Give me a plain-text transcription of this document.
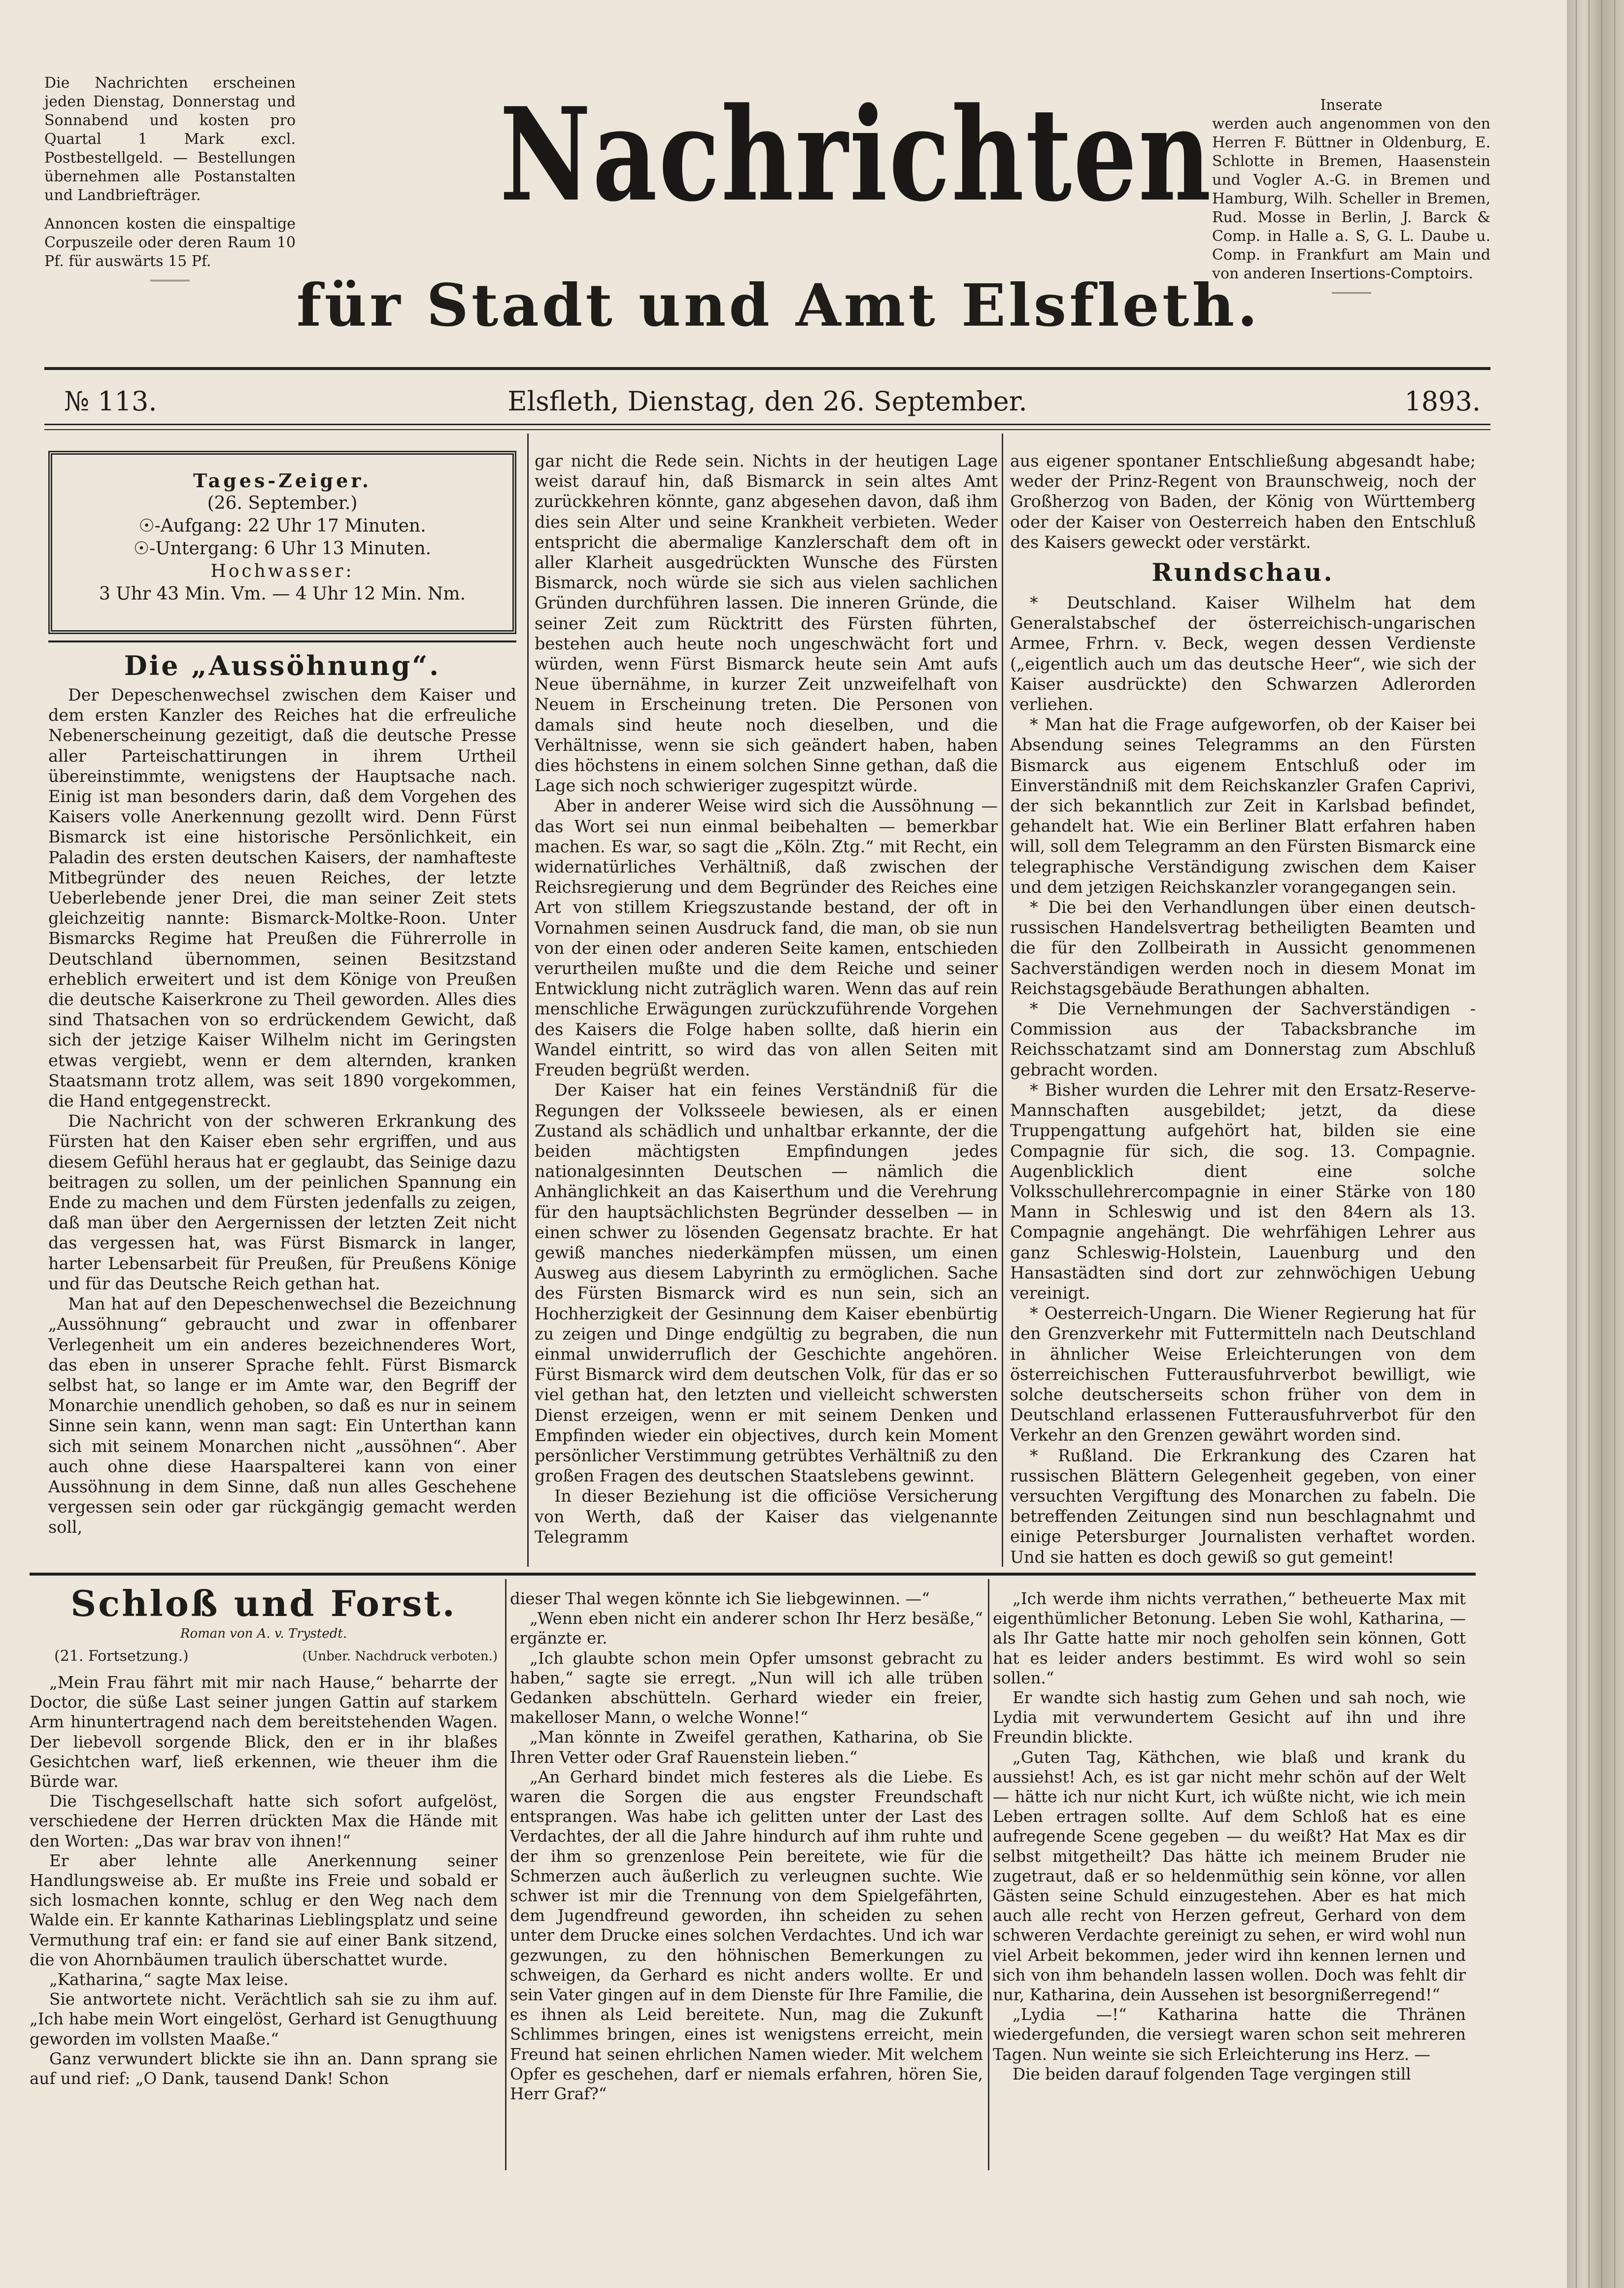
Die Nachrichten erscheinen jeden Dienstag, Donnerstag und Sonnabend und kosten pro Quartal 1 Mark excl. Postbestellgeld. — Bestellungen übernehmen alle Postanstalten und Landbriefträger.
Annoncen kosten die einspaltige Corpuszeile oder deren Raum 10 Pf. für auswärts 15 Pf.
Nachrichten
für Stadt und Amt Elsfleth.
Inserate
werden auch angenommen von den Herren F. Büttner in Oldenburg, E. Schlotte in Bremen, Haasenstein und Vogler A.-G. in Bremen und Hamburg, Wilh. Scheller in Bremen, Rud. Mosse in Berlin, J. Barck & Comp. in Halle a. S, G. L. Daube u. Comp. in Frankfurt am Main und von anderen Insertions-Comptoirs.
№ 113.	Elsfleth, Dienstag, den 26. September.	1893.
Tages-Zeiger.
(26. September.)
☉-Aufgang: 22 Uhr 17 Minuten.
☉-Untergang: 6 Uhr 13 Minuten.
Hochwasser:
3 Uhr 43 Min. Vm. — 4 Uhr 12 Min. Nm.
Die „Aussöhnung“.

Der Depeschenwechsel zwischen dem Kaiser und dem ersten Kanzler des Reiches hat die erfreuliche Nebenerscheinung gezeitigt, daß die deutsche Presse aller Parteischattirungen in ihrem Urtheil übereinstimmte, wenigstens der Hauptsache nach. Einig ist man besonders darin, daß dem Vorgehen des Kaisers volle Anerkennung gezollt wird. Denn Fürst Bismarck ist eine historische Persönlichkeit, ein Paladin des ersten deutschen Kaisers, der namhafteste Mitbegründer des neuen Reiches, der letzte Ueberlebende jener Drei, die man seiner Zeit stets gleichzeitig nannte: Bismarck-Moltke-Roon. Unter Bismarcks Regime hat Preußen die Führerrolle in Deutschland übernommen, seinen Besitzstand erheblich erweitert und ist dem Könige von Preußen die deutsche Kaiserkrone zu Theil geworden. Alles dies sind Thatsachen von so erdrückendem Gewicht, daß sich der jetzige Kaiser Wilhelm nicht im Geringsten etwas vergiebt, wenn er dem alternden, kranken Staatsmann trotz allem, was seit 1890 vorgekommen, die Hand entgegenstreckt.

Die Nachricht von der schweren Erkrankung des Fürsten hat den Kaiser eben sehr ergriffen, und aus diesem Gefühl heraus hat er geglaubt, das Seinige dazu beitragen zu sollen, um der peinlichen Spannung ein Ende zu machen und dem Fürsten jedenfalls zu zeigen, daß man über den Aergernissen der letzten Zeit nicht das vergessen hat, was Fürst Bismarck in langer, harter Lebensarbeit für Preußen, für Preußens Könige und für das Deutsche Reich gethan hat.

Man hat auf den Depeschenwechsel die Bezeichnung „Aussöhnung“ gebraucht und zwar in offenbarer Verlegenheit um ein anderes bezeichnenderes Wort, das eben in unserer Sprache fehlt. Fürst Bismarck selbst hat, so lange er im Amte war, den Begriff der Monarchie unendlich gehoben, so daß es nur in seinem Sinne sein kann, wenn man sagt: Ein Unterthan kann sich mit seinem Monarchen nicht „aussöhnen“. Aber auch ohne diese Haarspalterei kann von einer Aussöhnung in dem Sinne, daß nun alles Geschehene vergessen sein oder gar rückgängig gemacht werden soll,

gar nicht die Rede sein. Nichts in der heutigen Lage weist darauf hin, daß Bismarck in sein altes Amt zurückkehren könnte, ganz abgesehen davon, daß ihm dies sein Alter und seine Krankheit verbieten. Weder entspricht die abermalige Kanzlerschaft dem oft in aller Klarheit ausgedrückten Wunsche des Fürsten Bismarck, noch würde sie sich aus vielen sachlichen Gründen durchführen lassen. Die inneren Gründe, die seiner Zeit zum Rücktritt des Fürsten führten, bestehen auch heute noch ungeschwächt fort und würden, wenn Fürst Bismarck heute sein Amt aufs Neue übernähme, in kurzer Zeit unzweifelhaft von Neuem in Erscheinung treten. Die Personen von damals sind heute noch dieselben, und die Verhältnisse, wenn sie sich geändert haben, haben dies höchstens in einem solchen Sinne gethan, daß die Lage sich noch schwieriger zugespitzt würde.

Aber in anderer Weise wird sich die Aussöhnung — das Wort sei nun einmal beibehalten — bemerkbar machen. Es war, so sagt die „Köln. Ztg.“ mit Recht, ein widernatürliches Verhältniß, daß zwischen der Reichsregierung und dem Begründer des Reiches eine Art von stillem Kriegszustande bestand, der oft in Vornahmen seinen Ausdruck fand, die man, ob sie nun von der einen oder anderen Seite kamen, entschieden verurtheilen mußte und die dem Reiche und seiner Entwicklung nicht zuträglich waren. Wenn das auf rein menschliche Erwägungen zurückzuführende Vorgehen des Kaisers die Folge haben sollte, daß hierin ein Wandel eintritt, so wird das von allen Seiten mit Freuden begrüßt werden.

Der Kaiser hat ein feines Verständniß für die Regungen der Volksseele bewiesen, als er einen Zustand als schädlich und unhaltbar erkannte, der die beiden mächtigsten Empfindungen jedes nationalgesinnten Deutschen — nämlich die Anhänglichkeit an das Kaiserthum und die Verehrung für den hauptsächlichsten Begründer desselben — in einen schwer zu lösenden Gegensatz brachte. Er hat gewiß manches niederkämpfen müssen, um einen Ausweg aus diesem Labyrinth zu ermöglichen. Sache des Fürsten Bismarck wird es nun sein, sich an Hochherzigkeit der Gesinnung dem Kaiser ebenbürtig zu zeigen und Dinge endgültig zu begraben, die nun einmal unwiderruflich der Geschichte angehören. Fürst Bismarck wird dem deutschen Volk, für das er so viel gethan hat, den letzten und vielleicht schwersten Dienst erzeigen, wenn er mit seinem Denken und Empfinden wieder ein objectives, durch kein Moment persönlicher Verstimmung getrübtes Verhältniß zu den großen Fragen des deutschen Staatslebens gewinnt.

In dieser Beziehung ist die officiöse Versicherung von Werth, daß der Kaiser das vielgenannte Telegramm

aus eigener spontaner Entschließung abgesandt habe; weder der Prinz-Regent von Braunschweig, noch der Großherzog von Baden, der König von Württemberg oder der Kaiser von Oesterreich haben den Entschluß des Kaisers geweckt oder verstärkt.

Rundschau.

* Deutschland. Kaiser Wilhelm hat dem Generalstabschef der österreichisch-ungarischen Armee, Frhrn. v. Beck, wegen dessen Verdienste („eigentlich auch um das deutsche Heer“, wie sich der Kaiser ausdrückte) den Schwarzen Adlerorden verliehen.

* Man hat die Frage aufgeworfen, ob der Kaiser bei Absendung seines Telegramms an den Fürsten Bismarck aus eigenem Entschluß oder im Einverständniß mit dem Reichskanzler Grafen Caprivi, der sich bekanntlich zur Zeit in Karlsbad befindet, gehandelt hat. Wie ein Berliner Blatt erfahren haben will, soll dem Telegramm an den Fürsten Bismarck eine telegraphische Verständigung zwischen dem Kaiser und dem jetzigen Reichskanzler vorangegangen sein.

* Die bei den Verhandlungen über einen deutsch-russischen Handelsvertrag betheiligten Beamten und die für den Zollbeirath in Aussicht genommenen Sachverständigen werden noch in diesem Monat im Reichstagsgebäude Berathungen abhalten.

* Die Vernehmungen der Sachverständigen - Commission aus der Tabacksbranche im Reichsschatzamt sind am Donnerstag zum Abschluß gebracht worden.

* Bisher wurden die Lehrer mit den Ersatz-Reserve-Mannschaften ausgebildet; jetzt, da diese Truppengattung aufgehört hat, bilden sie eine Compagnie für sich, die sog. 13. Compagnie. Augenblicklich dient eine solche Volksschullehrercompagnie in einer Stärke von 180 Mann in Schleswig und ist den 84ern als 13. Compagnie angehängt. Die wehrfähigen Lehrer aus ganz Schleswig-Holstein, Lauenburg und den Hansastädten sind dort zur zehnwöchigen Uebung vereinigt.

* Oesterreich-Ungarn. Die Wiener Regierung hat für den Grenzverkehr mit Futtermitteln nach Deutschland in ähnlicher Weise Erleichterungen von dem österreichischen Futterausfuhrverbot bewilligt, wie solche deutscherseits schon früher von dem in Deutschland erlassenen Futterausfuhrverbot für den Verkehr an den Grenzen gewährt worden sind.

* Rußland. Die Erkrankung des Czaren hat russischen Blättern Gelegenheit gegeben, von einer versuchten Vergiftung des Monarchen zu fabeln. Die betreffenden Zeitungen sind nun beschlagnahmt und einige Petersburger Journalisten verhaftet worden. Und sie hatten es doch gewiß so gut gemeint!

Schloß und Forst.
Roman von A. v. Trystedt.
(21. Fortsetzung.)	(Unber. Nachdruck verboten.)

„Mein Frau fährt mit mir nach Hause,“ beharrte der Doctor, die süße Last seiner jungen Gattin auf starkem Arm hinuntertragend nach dem bereitstehenden Wagen. Der liebevoll sorgende Blick, den er in ihr blaßes Gesichtchen warf, ließ erkennen, wie theuer ihm die Bürde war.

Die Tischgesellschaft hatte sich sofort aufgelöst, verschiedene der Herren drückten Max die Hände mit den Worten: „Das war brav von ihnen!“

Er aber lehnte alle Anerkennung seiner Handlungsweise ab. Er mußte ins Freie und sobald er sich losmachen konnte, schlug er den Weg nach dem Walde ein. Er kannte Katharinas Lieblingsplatz und seine Vermuthung traf ein: er fand sie auf einer Bank sitzend, die von Ahornbäumen traulich überschattet wurde.

„Katharina,“ sagte Max leise.

Sie antwortete nicht. Verächtlich sah sie zu ihm auf. „Ich habe mein Wort eingelöst, Gerhard ist Genugthuung geworden im vollsten Maaße.“

Ganz verwundert blickte sie ihn an. Dann sprang sie auf und rief: „O Dank, tausend Dank! Schon

dieser Thal wegen könnte ich Sie liebgewinnen. —“

„Wenn eben nicht ein anderer schon Ihr Herz besäße,“ ergänzte er.

„Ich glaubte schon mein Opfer umsonst gebracht zu haben,“ sagte sie erregt. „Nun will ich alle trüben Gedanken abschütteln. Gerhard wieder ein freier, makelloser Mann, o welche Wonne!“

„Man könnte in Zweifel gerathen, Katharina, ob Sie Ihren Vetter oder Graf Rauenstein lieben.“

„An Gerhard bindet mich festeres als die Liebe. Es waren die Sorgen die aus engster Freundschaft entsprangen. Was habe ich gelitten unter der Last des Verdachtes, der all die Jahre hindurch auf ihm ruhte und der ihm so grenzenlose Pein bereitete, wie für die Schmerzen auch äußerlich zu verleugnen suchte. Wie schwer ist mir die Trennung von dem Spielgefährten, dem Jugendfreund geworden, ihn scheiden zu sehen unter dem Drucke eines solchen Verdachtes. Und ich war gezwungen, zu den höhnischen Bemerkungen zu schweigen, da Gerhard es nicht anders wollte. Er und sein Vater gingen auf in dem Dienste für Ihre Familie, die es ihnen als Leid bereitete. Nun, mag die Zukunft Schlimmes bringen, eines ist wenigstens erreicht, mein Freund hat seinen ehrlichen Namen wieder. Mit welchem Opfer es geschehen, darf er niemals erfahren, hören Sie, Herr Graf?“

„Ich werde ihm nichts verrathen,“ betheuerte Max mit eigenthümlicher Betonung. Leben Sie wohl, Katharina, — als Ihr Gatte hatte mir noch geholfen sein können, Gott hat es leider anders bestimmt. Es wird wohl so sein sollen.“

Er wandte sich hastig zum Gehen und sah noch, wie Lydia mit verwundertem Gesicht auf ihn und ihre Freundin blickte.

„Guten Tag, Käthchen, wie blaß und krank du aussiehst! Ach, es ist gar nicht mehr schön auf der Welt — hätte ich nur nicht Kurt, ich wüßte nicht, wie ich mein Leben ertragen sollte. Auf dem Schloß hat es eine aufregende Scene gegeben — du weißt? Hat Max es dir selbst mitgetheilt? Das hätte ich meinem Bruder nie zugetraut, daß er so heldenmüthig sein könne, vor allen Gästen seine Schuld einzugestehen. Aber es hat mich auch alle recht von Herzen gefreut, Gerhard von dem schweren Verdachte gereinigt zu sehen, er wird wohl nun viel Arbeit bekommen, jeder wird ihn kennen lernen und sich von ihm behandeln lassen wollen. Doch was fehlt dir nur, Katharina, dein Aussehen ist besorgnißerregend!“

„Lydia —!“ Katharina hatte die Thränen wiedergefunden, die versiegt waren schon seit mehreren Tagen. Nun weinte sie sich Erleichterung ins Herz. —

Die beiden darauf folgenden Tage vergingen still
